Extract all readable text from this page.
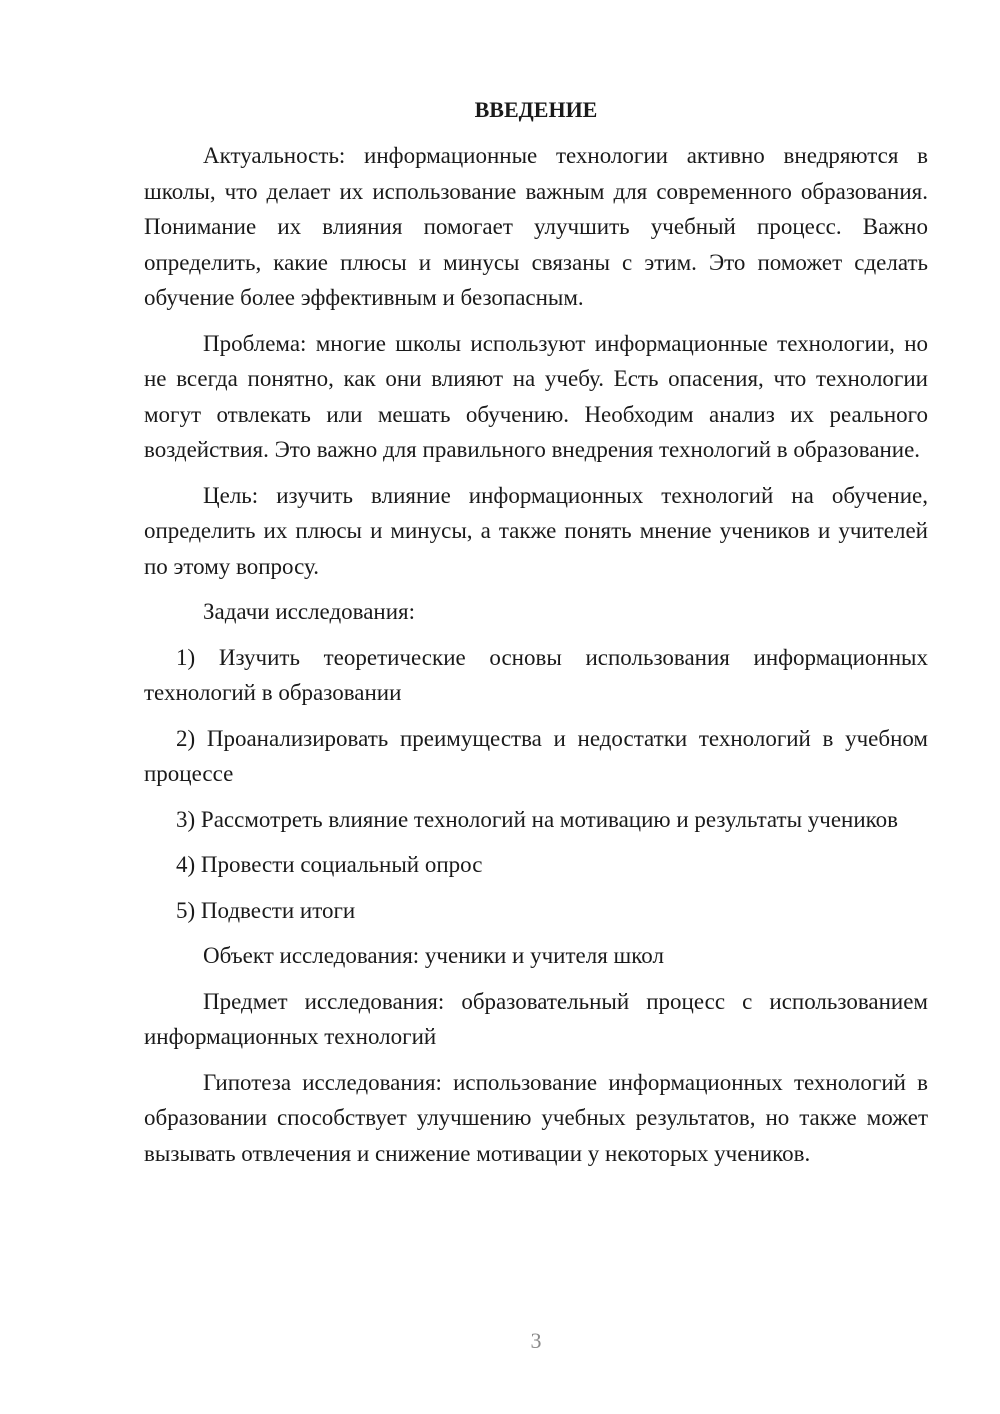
ВВЕДЕНИЕ

Актуальность: информационные технологии активно внедряются в школы, что делает их использование важным для современного образования. Понимание их влияния помогает улучшить учебный процесс. Важно определить, какие плюсы и минусы связаны с этим. Это поможет сделать обучение более эффективным и безопасным.

Проблема: многие школы используют информационные технологии, но не всегда понятно, как они влияют на учебу. Есть опасения, что технологии могут отвлекать или мешать обучению. Необходим анализ их реального воздействия. Это важно для правильного внедрения технологий в образование.

Цель: изучить влияние информационных технологий на обучение, определить их плюсы и минусы, а также понять мнение учеников и учителей по этому вопросу.

Задачи исследования:

1) Изучить теоретические основы использования информационных технологий в образовании

2) Проанализировать преимущества и недостатки технологий в учебном процессе

3) Рассмотреть влияние технологий на мотивацию и результаты учеников

4) Провести социальный опрос

5) Подвести итоги

Объект исследования: ученики и учителя школ

Предмет исследования: образовательный процесс с использованием информационных технологий

Гипотеза исследования: использование информационных технологий в образовании способствует улучшению учебных результатов, но также может вызывать отвлечения и снижение мотивации у некоторых учеников.

3
